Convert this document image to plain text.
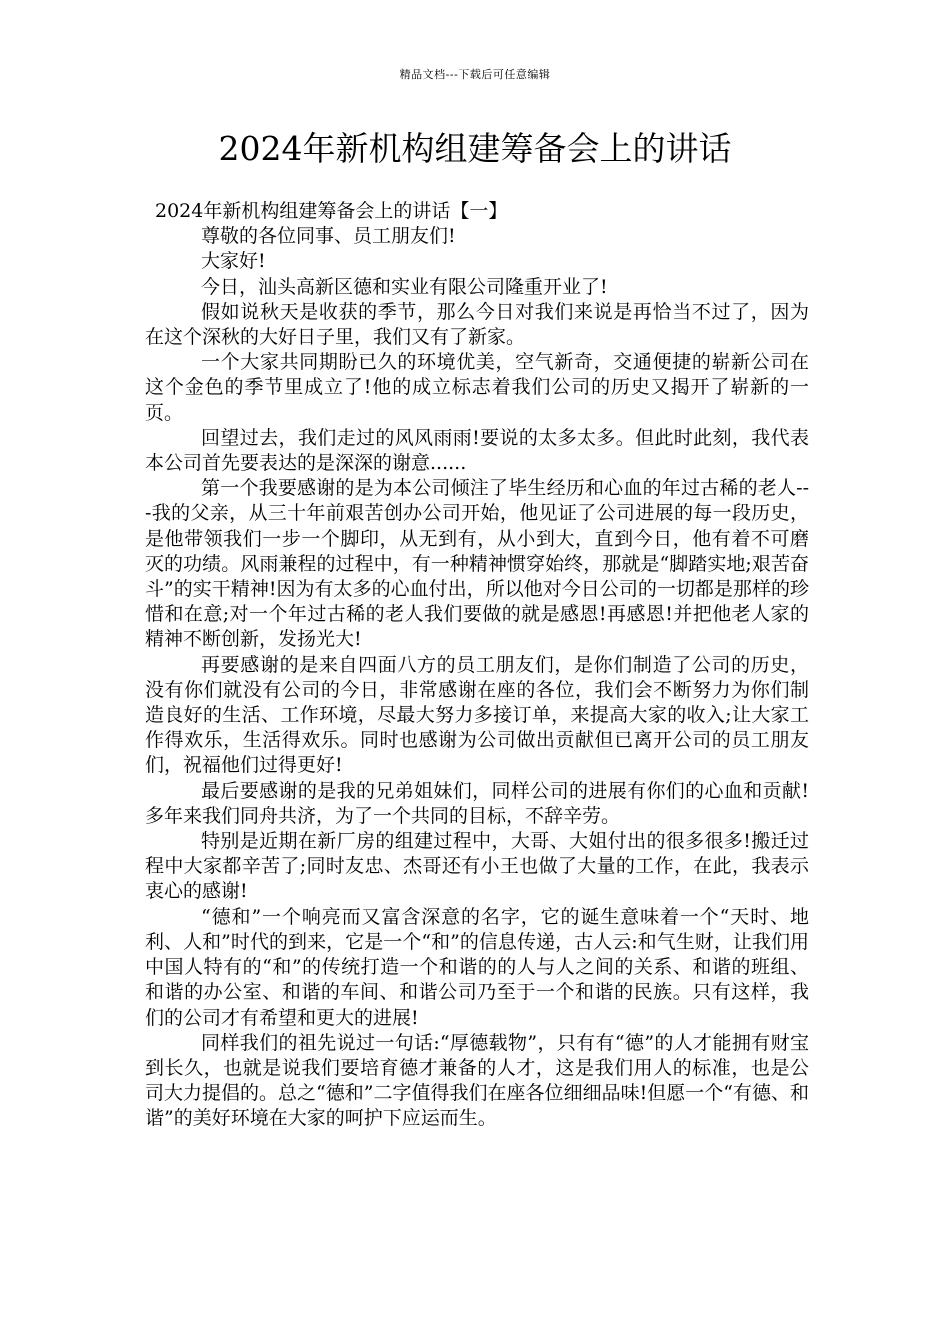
精品文档---下载后可任意编辑
2024年新机构组建筹备会上的讲话

2024年新机构组建筹备会上的讲话【一】

尊敬的各位同事、员工朋友们!

大家好!

今日，汕头高新区德和实业有限公司隆重开业了!

假如说秋天是收获的季节，那么今日对我们来说是再恰当不过了，因为在这个深秋的大好日子里，我们又有了新家。

一个大家共同期盼已久的环境优美，空气新奇，交通便捷的崭新公司在这个金色的季节里成立了!他的成立标志着我们公司的历史又揭开了崭新的一页。

回望过去，我们走过的风风雨雨!要说的太多太多。但此时此刻，我代表本公司首先要表达的是深深的谢意......

第一个我要感谢的是为本公司倾注了毕生经历和心血的年过古稀的老人---我的父亲，从三十年前艰苦创办公司开始，他见证了公司进展的每一段历史，是他带领我们一步一个脚印，从无到有，从小到大，直到今日，他有着不可磨灭的功绩。风雨兼程的过程中，有一种精神惯穿始终，那就是“脚踏实地;艰苦奋斗”的实干精神!因为有太多的心血付出，所以他对今日公司的一切都是那样的珍惜和在意;对一个年过古稀的老人我们要做的就是感恩!再感恩!并把他老人家的精神不断创新，发扬光大!

再要感谢的是来自四面八方的员工朋友们，是你们制造了公司的历史，没有你们就没有公司的今日，非常感谢在座的各位，我们会不断努力为你们制造良好的生活、工作环境，尽最大努力多接订单，来提高大家的收入;让大家工作得欢乐，生活得欢乐。同时也感谢为公司做出贡献但已离开公司的员工朋友们，祝福他们过得更好!

最后要感谢的是我的兄弟姐妹们，同样公司的进展有你们的心血和贡献!多年来我们同舟共济，为了一个共同的目标，不辞辛劳。

特别是近期在新厂房的组建过程中，大哥、大姐付出的很多很多!搬迁过程中大家都辛苦了;同时友忠、杰哥还有小王也做了大量的工作，在此，我表示衷心的感谢!

“德和”一个响亮而又富含深意的名字，它的诞生意味着一个“天时、地利、人和”时代的到来，它是一个“和”的信息传递，古人云:和气生财，让我们用中国人特有的“和”的传统打造一个和谐的的人与人之间的关系、和谐的班组、和谐的办公室、和谐的车间、和谐公司乃至于一个和谐的民族。只有这样，我们的公司才有希望和更大的进展!

同样我们的祖先说过一句话:“厚德载物”，只有有“德”的人才能拥有财宝到长久，也就是说我们要培育德才兼备的人才，这是我们用人的标准，也是公司大力提倡的。总之“德和”二字值得我们在座各位细细品味!但愿一个“有德、和谐”的美好环境在大家的呵护下应运而生。
